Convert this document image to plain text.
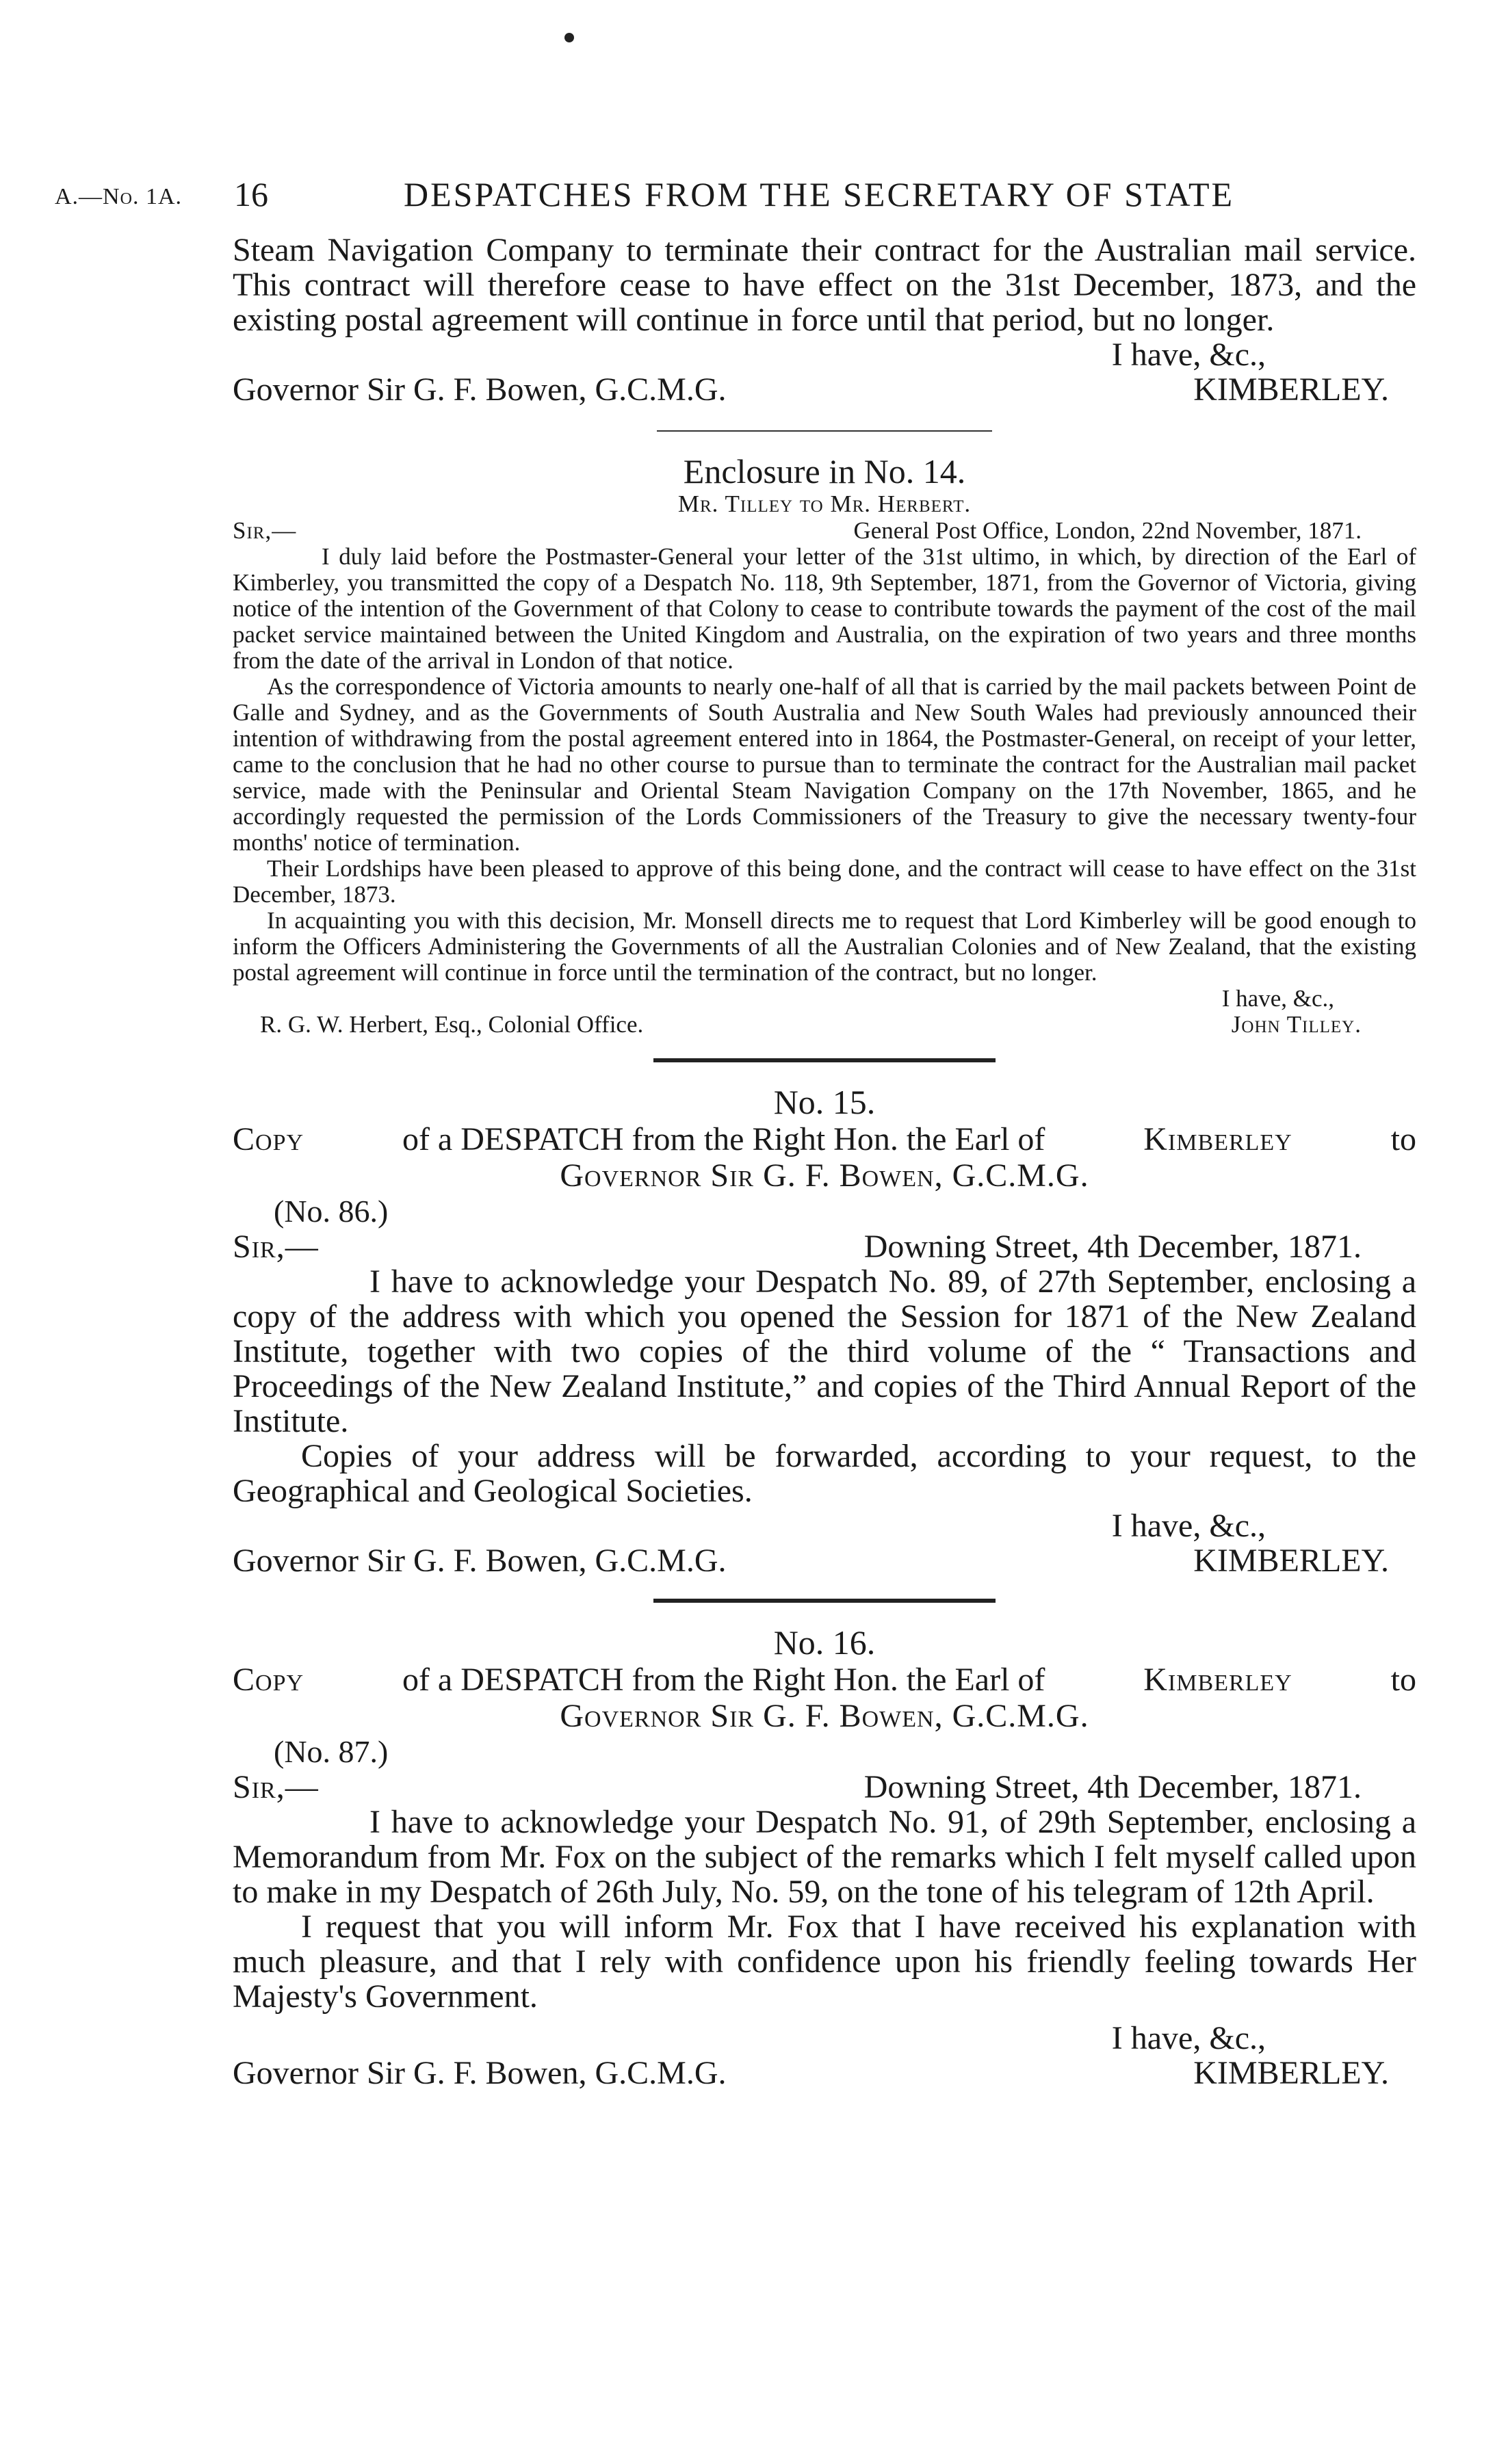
A.—No. 1A. 16	DESPATCHES FROM THE SECRETARY OF STATE

Steam Navigation Company to terminate their contract for the Australian mail service. This contract will therefore cease to have effect on the 31st December, 1873, and the existing postal agreement will continue in force until that period, but no longer.

I have, &c.,

Governor Sir G. F. Bowen, G.C.M.G.	KIMBERLEY.
Enclosure in No. 14.
Mr. Tilley to Mr. Herbert.
Sir,—	General Post Office, London, 22nd November, 1871.

I duly laid before the Postmaster-General your letter of the 31st ultimo, in which, by direction of the Earl of Kimberley, you transmitted the copy of a Despatch No. 118, 9th September, 1871, from the Governor of Victoria, giving notice of the intention of the Government of that Colony to cease to contribute towards the payment of the cost of the mail packet service maintained between the United Kingdom and Australia, on the expiration of two years and three months from the date of the arrival in London of that notice.

As the correspondence of Victoria amounts to nearly one-half of all that is carried by the mail packets between Point de Galle and Sydney, and as the Governments of South Australia and New South Wales had previously announced their intention of withdrawing from the postal agreement entered into in 1864, the Postmaster-General, on receipt of your letter, came to the conclusion that he had no other course to pursue than to terminate the contract for the Australian mail packet service, made with the Peninsular and Oriental Steam Navigation Company on the 17th November, 1865, and he accordingly requested the permission of the Lords Commissioners of the Treasury to give the necessary twenty-four months' notice of termination.

Their Lordships have been pleased to approve of this being done, and the contract will cease to have effect on the 31st December, 1873.

In acquainting you with this decision, Mr. Monsell directs me to request that Lord Kimberley will be good enough to inform the Officers Administering the Governments of all the Australian Colonies and of New Zealand, that the existing postal agreement will continue in force until the termination of the contract, but no longer.

I have, &c.,

R. G. W. Herbert, Esq., Colonial Office.	John Tilley.
No. 15.
Copy	of a DESPATCH from the Right Hon. the Earl of	Kimberley	to
Governor Sir G. F. Bowen, G.C.M.G.
(No. 86.)
Sir,—	Downing Street, 4th December, 1871.

I have to acknowledge your Despatch No. 89, of 27th September, enclosing a copy of the address with which you opened the Session for 1871 of the New Zealand Institute, together with two copies of the third volume of the “ Transactions and Proceedings of the New Zealand Institute,” and copies of the Third Annual Report of the Institute.

Copies of your address will be forwarded, according to your request, to the Geographical and Geological Societies.

I have, &c.,

Governor Sir G. F. Bowen, G.C.M.G.	KIMBERLEY.
No. 16.
Copy	of a DESPATCH from the Right Hon. the Earl of	Kimberley	to
Governor Sir G. F. Bowen, G.C.M.G.
(No. 87.)
Sir,—	Downing Street, 4th December, 1871.

I have to acknowledge your Despatch No. 91, of 29th September, enclosing a Memorandum from Mr. Fox on the subject of the remarks which I felt myself called upon to make in my Despatch of 26th July, No. 59, on the tone of his telegram of 12th April.

I request that you will inform Mr. Fox that I have received his explanation with much pleasure, and that I rely with confidence upon his friendly feeling towards Her Majesty's Government.

I have, &c.,

Governor Sir G. F. Bowen, G.C.M.G.	KIMBERLEY.
